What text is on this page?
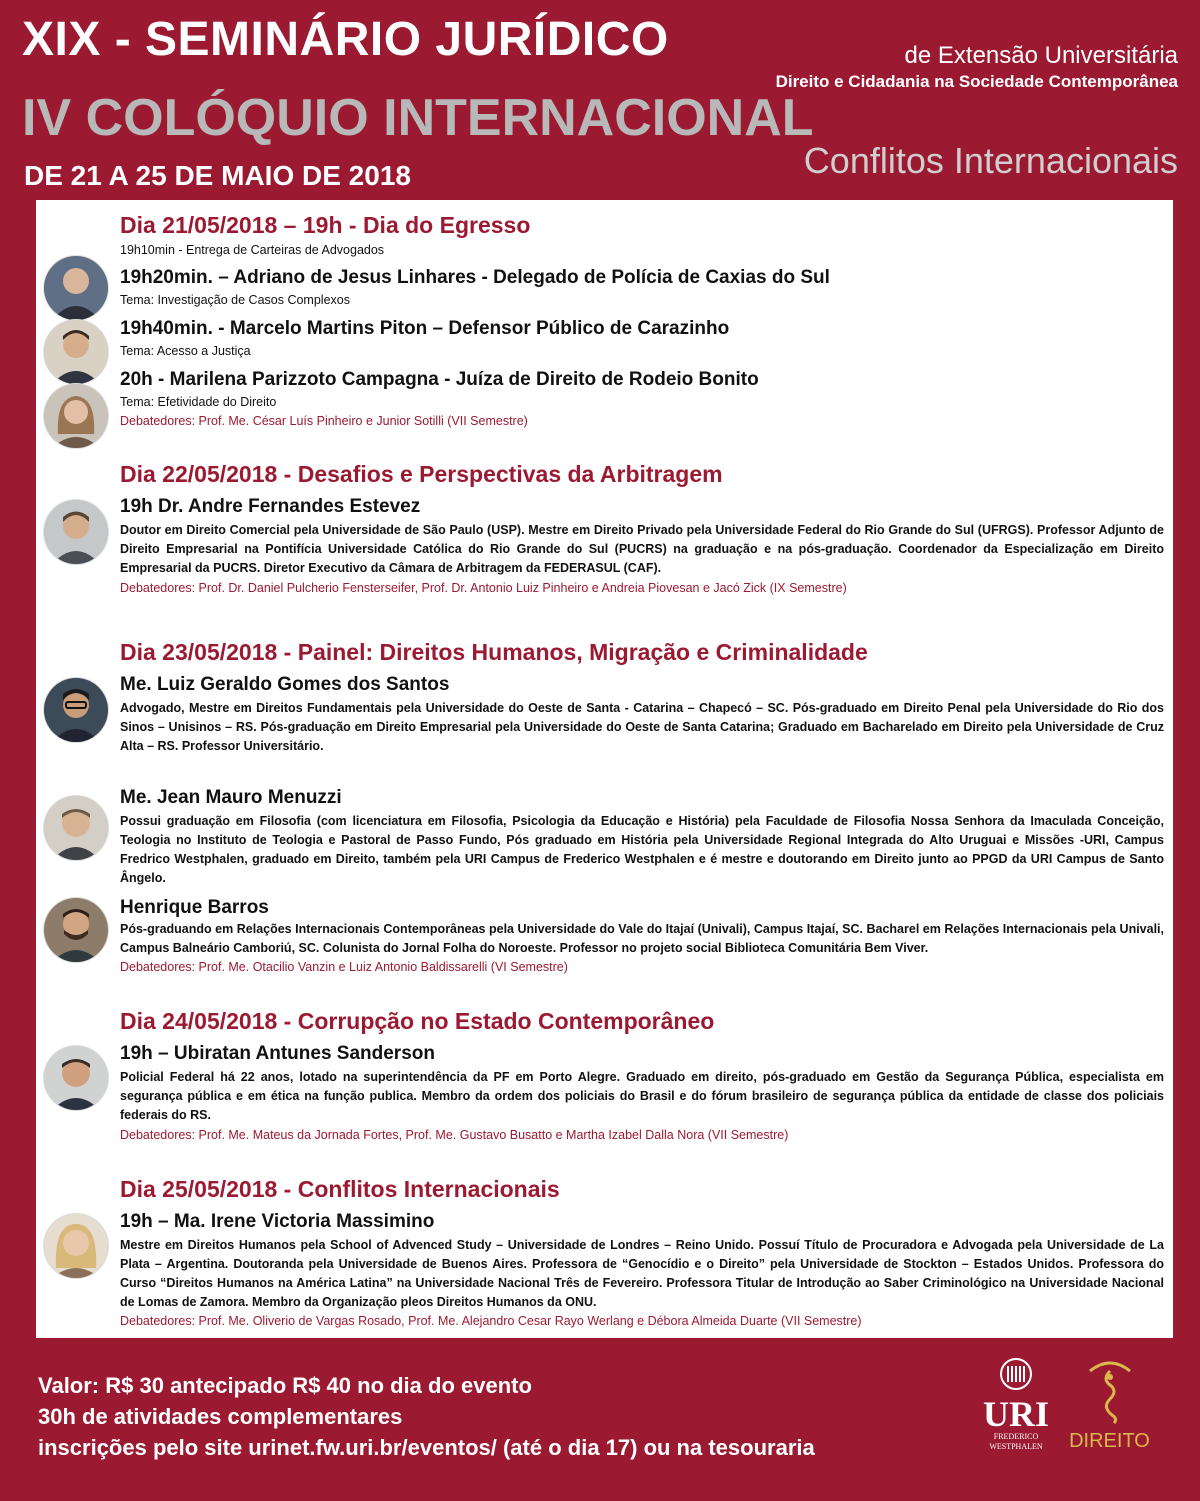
XIX - SEMINÁRIO JURÍDICO	de Extensão Universitária
Direito e Cidadania na Sociedade Contemporânea
IV COLÓQUIO INTERNACIONAL
Conflitos Internacionais
DE 21 A 25 DE MAIO DE 2018
Dia 21/05/2018 – 19h - Dia do Egresso
19h10min - Entrega de Carteiras de Advogados
19h20min. – Adriano de Jesus Linhares - Delegado de Polícia de Caxias do Sul
Tema: Investigação de Casos Complexos
19h40min. - Marcelo Martins Piton – Defensor Público de Carazinho
Tema: Acesso a Justiça
20h - Marilena Parizzoto Campagna - Juíza de Direito de Rodeio Bonito
Tema: Efetividade do Direito
Debatedores: Prof. Me. César Luís Pinheiro e Junior Sotilli (VII Semestre)
Dia 22/05/2018 - Desafios e Perspectivas da Arbitragem
19h Dr. Andre Fernandes Estevez
Doutor em Direito Comercial pela Universidade de São Paulo (USP). Mestre em Direito Privado pela Universidade Federal do Rio Grande do Sul (UFRGS). Professor Adjunto de Direito Empresarial na Pontifícia Universidade Católica do Rio Grande do Sul (PUCRS) na graduação e na pós-graduação. Coordenador da Especialização em Direito Empresarial da PUCRS. Diretor Executivo da Câmara de Arbitragem da FEDERASUL (CAF).
Debatedores: Prof. Dr. Daniel Pulcherio Fensterseifer, Prof. Dr. Antonio Luiz Pinheiro e Andreia Piovesan e Jacó Zick (IX Semestre)
Dia 23/05/2018 - Painel: Direitos Humanos, Migração e Criminalidade
Me. Luiz Geraldo Gomes dos Santos
Advogado, Mestre em Direitos Fundamentais pela Universidade do Oeste de Santa - Catarina – Chapecó – SC. Pós-graduado em Direito Penal pela Universidade do Rio dos Sinos – Unisinos – RS. Pós-graduação em Direito Empresarial pela Universidade do Oeste de Santa Catarina; Graduado em Bacharelado em Direito pela Universidade de Cruz Alta – RS. Professor Universitário.
Me. Jean Mauro Menuzzi
Possui graduação em Filosofia (com licenciatura em Filosofia, Psicologia da Educação e História) pela Faculdade de Filosofia Nossa Senhora da Imaculada Conceição, Teologia no Instituto de Teologia e Pastoral de Passo Fundo, Pós graduado em História pela Universidade Regional Integrada do Alto Uruguai e Missões -URI, Campus Fredrico Westphalen, graduado em Direito, também pela URI Campus de Frederico Westphalen e é mestre e doutorando em Direito junto ao PPGD da URI Campus de Santo Ângelo.
Henrique Barros
Pós-graduando em Relações Internacionais Contemporâneas pela Universidade do Vale do Itajaí (Univali), Campus Itajaí, SC. Bacharel em Relações Internacionais pela Univali, Campus Balneário Camboriú, SC. Colunista do Jornal Folha do Noroeste. Professor no projeto social Biblioteca Comunitária Bem Viver.
Debatedores: Prof. Me. Otacilio Vanzin e Luiz Antonio Baldissarelli (VI Semestre)
Dia 24/05/2018 - Corrupção no Estado Contemporâneo
19h – Ubiratan Antunes Sanderson
Policial Federal há 22 anos, lotado na superintendência da PF em Porto Alegre. Graduado em direito, pós-graduado em Gestão da Segurança Pública, especialista em segurança pública e em ética na função publica. Membro da ordem dos policiais do Brasil e do fórum brasileiro de segurança pública da entidade de classe dos policiais federais do RS.
Debatedores: Prof. Me. Mateus da Jornada Fortes, Prof. Me. Gustavo Busatto e Martha Izabel Dalla Nora (VII Semestre)
Dia 25/05/2018 - Conflitos Internacionais
19h – Ma. Irene Victoria Massimino
Mestre em Direitos Humanos pela School of Advenced Study – Universidade de Londres – Reino Unido. Possuí Título de Procuradora e Advogada pela Universidade de La Plata – Argentina. Doutoranda pela Universidade de Buenos Aires. Professora de “Genocídio e o Direito” pela Universidade de Stockton – Estados Unidos. Professora do Curso “Direitos Humanos na América Latina” na Universidade Nacional Três de Fevereiro. Professora Titular de Introdução ao Saber Criminológico na Universidade Nacional de Lomas de Zamora. Membro da Organização pleos Direitos Humanos da ONU.
Debatedores: Prof. Me. Oliverio de Vargas Rosado, Prof. Me. Alejandro Cesar Rayo Werlang e Débora Almeida Duarte (VII Semestre)
Valor: R$ 30 antecipado R$ 40 no dia do evento
30h de atividades complementares
inscrições pelo site urinet.fw.uri.br/eventos/ (até o dia 17) ou na tesouraria
URI
FREDERICO
WESTPHALEN	DIREITO
